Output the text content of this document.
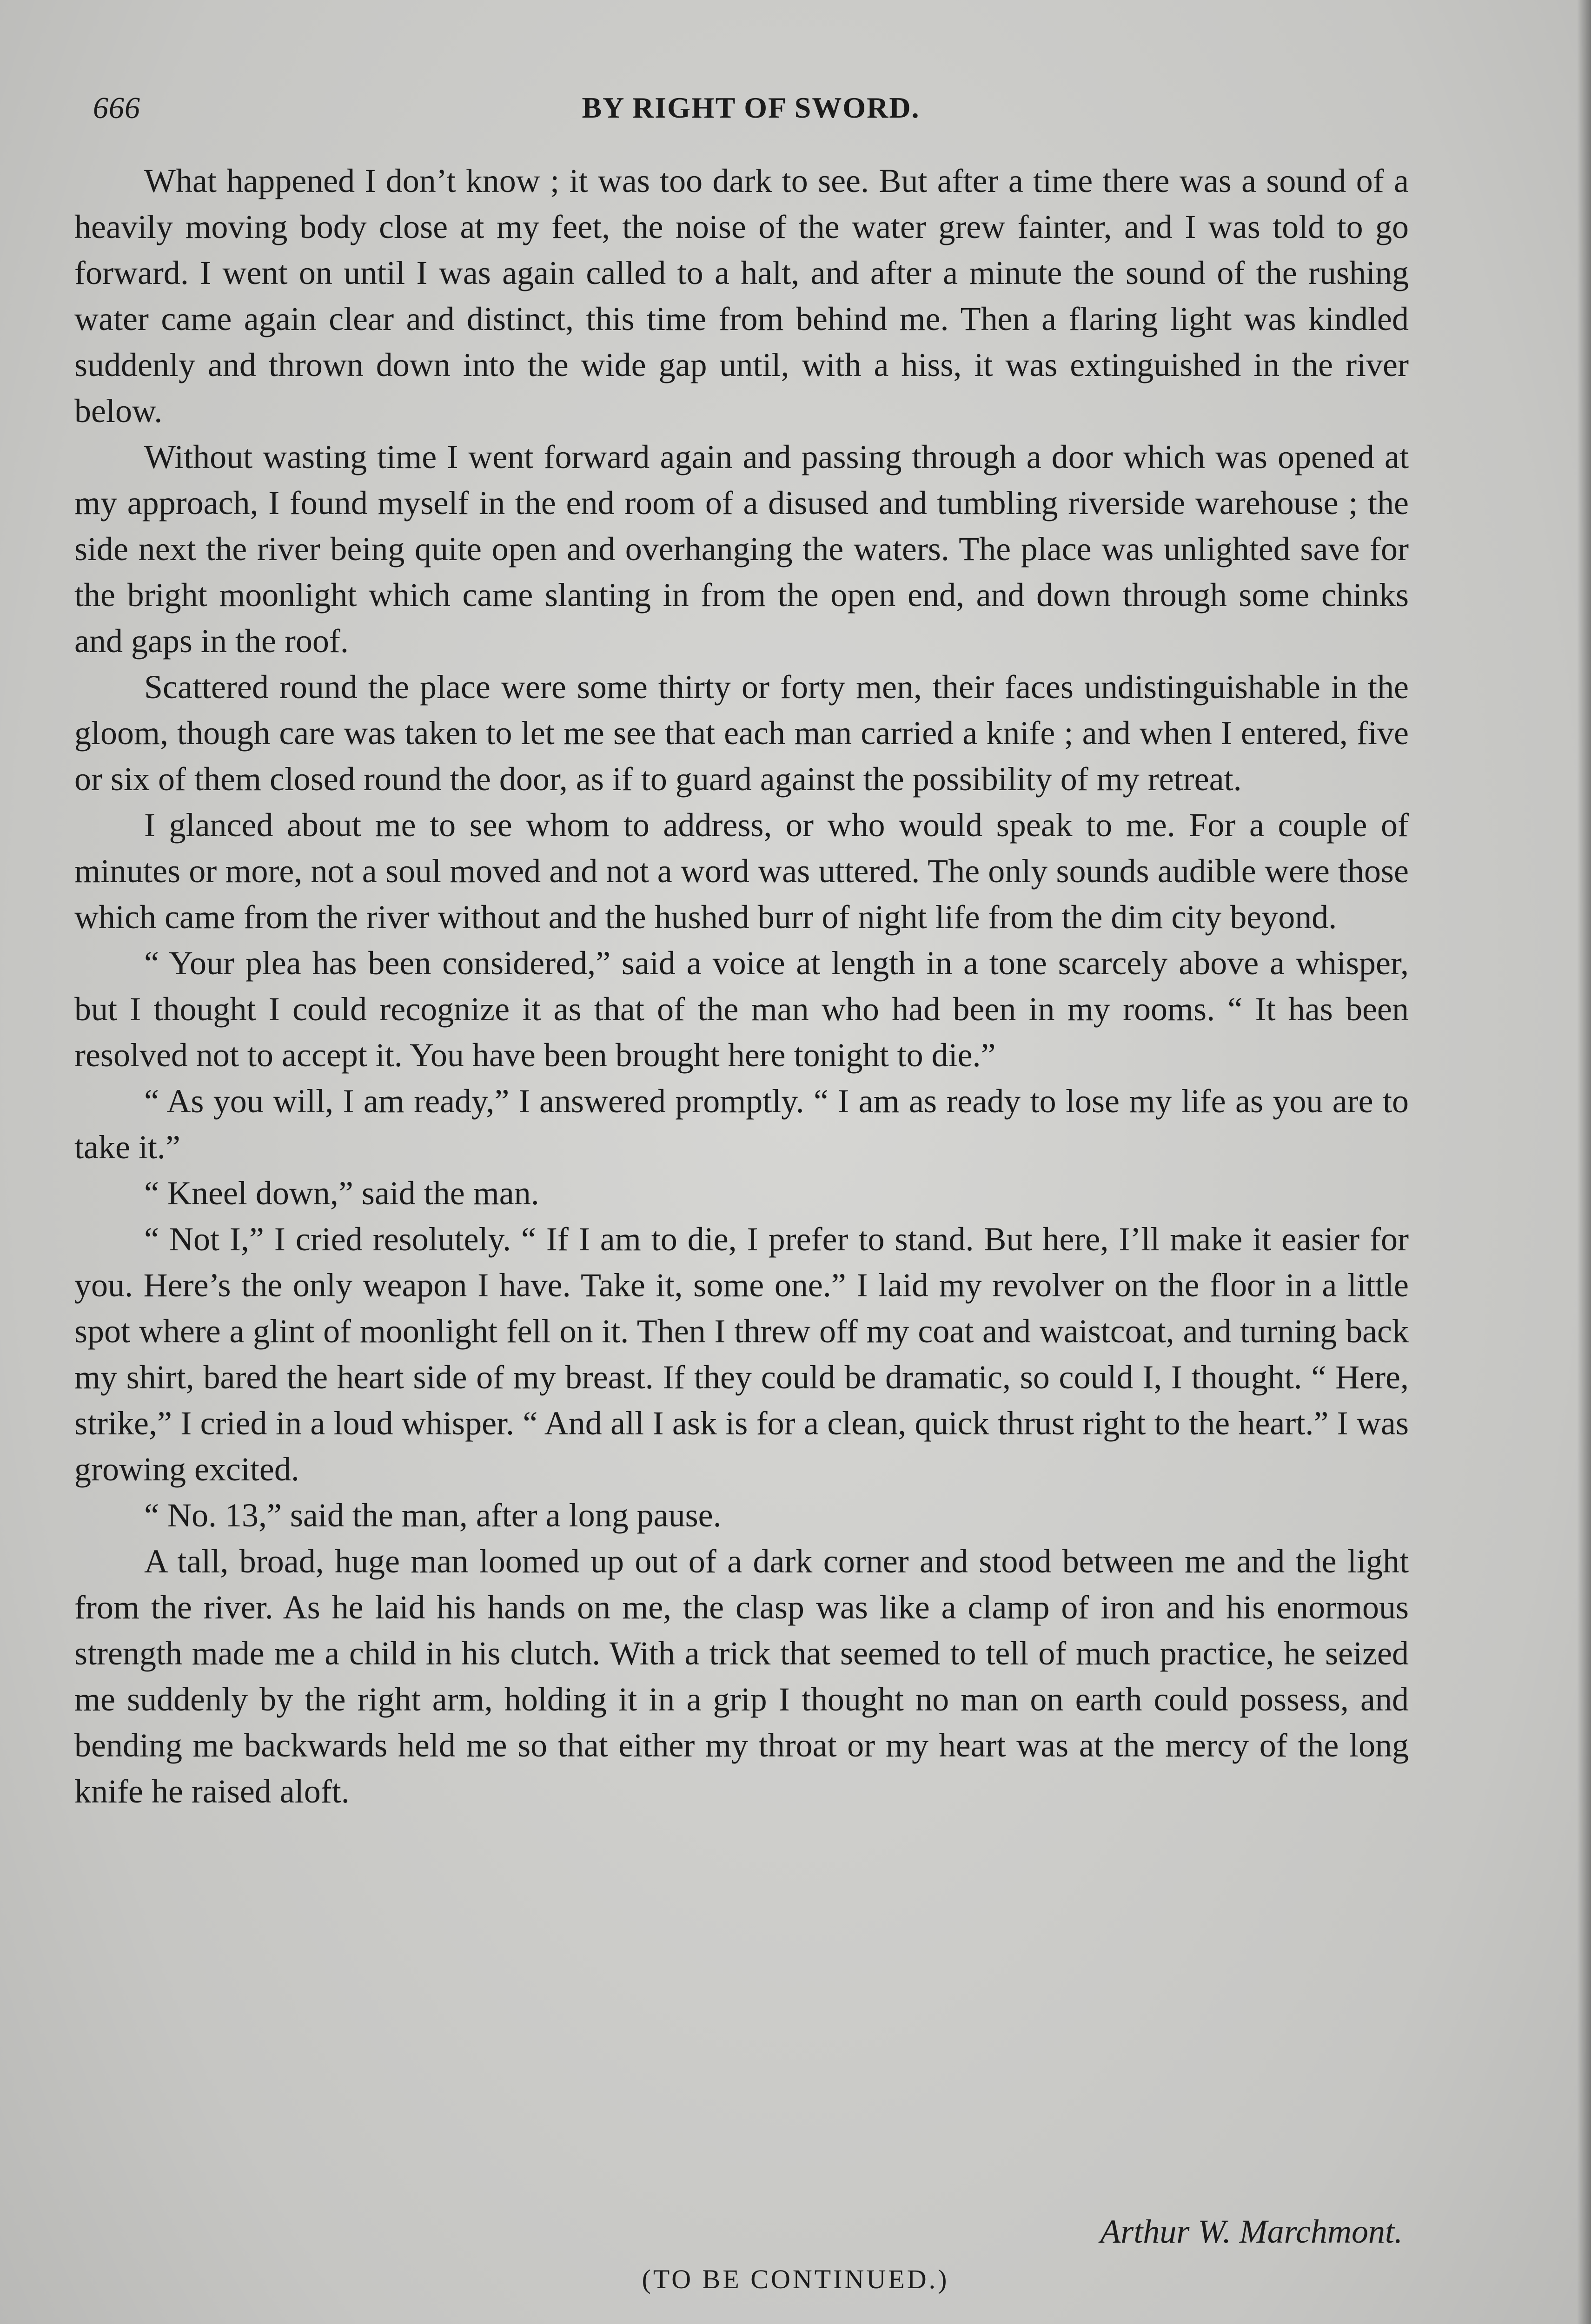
666	BY RIGHT OF SWORD.

What happened I don’t know ; it was too dark to see. But after a time there was a sound of a heavily moving body close at my feet, the noise of the water grew fainter, and I was told to go forward. I went on until I was again called to a halt, and after a minute the sound of the rushing water came again clear and distinct, this time from behind me. Then a flaring light was kindled suddenly and thrown down into the wide gap until, with a hiss, it was extinguished in the river below.

Without wasting time I went forward again and passing through a door which was opened at my approach, I found myself in the end room of a disused and tumbling riverside warehouse ; the side next the river being quite open and overhanging the waters. The place was unlighted save for the bright moonlight which came slanting in from the open end, and down through some chinks and gaps in the roof.

Scattered round the place were some thirty or forty men, their faces undistinguishable in the gloom, though care was taken to let me see that each man carried a knife ; and when I entered, five or six of them closed round the door, as if to guard against the possibility of my retreat.

I glanced about me to see whom to address, or who would speak to me. For a couple of minutes or more, not a soul moved and not a word was uttered. The only sounds audible were those which came from the river without and the hushed burr of night life from the dim city beyond.

“ Your plea has been considered,” said a voice at length in a tone scarcely above a whisper, but I thought I could recognize it as that of the man who had been in my rooms. “ It has been resolved not to accept it. You have been brought here tonight to die.”

“ As you will, I am ready,” I answered promptly. “ I am as ready to lose my life as you are to take it.”

“ Kneel down,” said the man.

“ Not I,” I cried resolutely. “ If I am to die, I prefer to stand. But here, I’ll make it easier for you. Here’s the only weapon I have. Take it, some one.” I laid my revolver on the floor in a little spot where a glint of moonlight fell on it. Then I threw off my coat and waistcoat, and turning back my shirt, bared the heart side of my breast. If they could be dramatic, so could I, I thought. “ Here, strike,” I cried in a loud whisper. “ And all I ask is for a clean, quick thrust right to the heart.” I was growing excited.

“ No. 13,” said the man, after a long pause.

A tall, broad, huge man loomed up out of a dark corner and stood between me and the light from the river. As he laid his hands on me, the clasp was like a clamp of iron and his enormous strength made me a child in his clutch. With a trick that seemed to tell of much practice, he seized me suddenly by the right arm, holding it in a grip I thought no man on earth could possess, and bending me backwards held me so that either my throat or my heart was at the mercy of the long knife he raised aloft.

Arthur W. Marchmont.
(TO BE CONTINUED.)
